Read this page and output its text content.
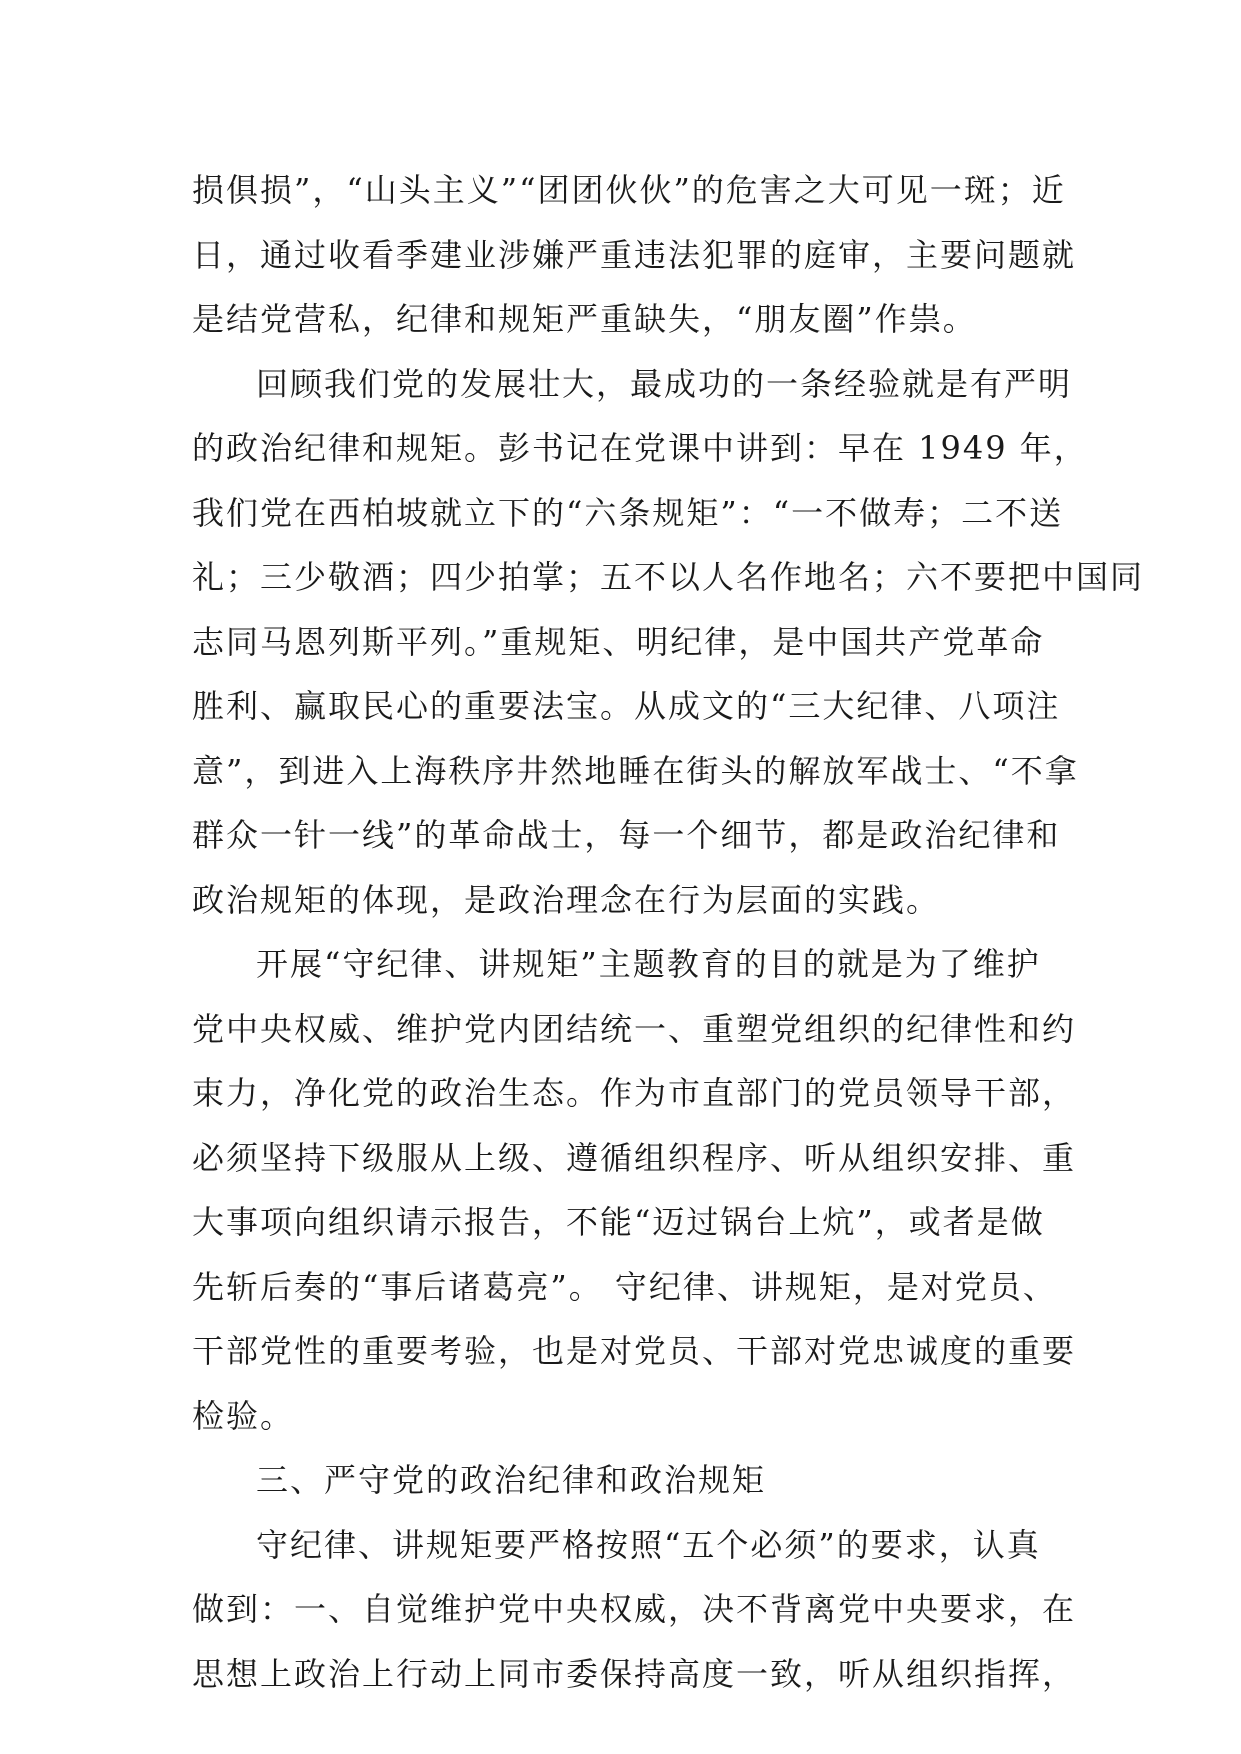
损俱损”，“山头主义”“团团伙伙”的危害之大可见一斑；近
日，通过收看季建业涉嫌严重违法犯罪的庭审，主要问题就
是结党营私，纪律和规矩严重缺失，“朋友圈”作祟。
回顾我们党的发展壮大，最成功的一条经验就是有严明
的政治纪律和规矩。彭书记在党课中讲到：早在 1949 年，
我们党在西柏坡就立下的“六条规矩”：“一不做寿；二不送
礼；三少敬酒；四少拍掌；五不以人名作地名；六不要把中国同
志同马恩列斯平列。”重规矩、明纪律，是中国共产党革命
胜利、赢取民心的重要法宝。从成文的“三大纪律、八项注
意”，到进入上海秩序井然地睡在街头的解放军战士、“不拿
群众一针一线”的革命战士，每一个细节，都是政治纪律和
政治规矩的体现，是政治理念在行为层面的实践。
开展“守纪律、讲规矩”主题教育的目的就是为了维护
党中央权威、维护党内团结统一、重塑党组织的纪律性和约
束力，净化党的政治生态。作为市直部门的党员领导干部，
必须坚持下级服从上级、遵循组织程序、听从组织安排、重
大事项向组织请示报告，不能“迈过锅台上炕”，或者是做
先斩后奏的“事后诸葛亮”。 守纪律、讲规矩，是对党员、
干部党性的重要考验，也是对党员、干部对党忠诚度的重要
检验。
三、严守党的政治纪律和政治规矩
守纪律、讲规矩要严格按照“五个必须”的要求，认真
做到：一、自觉维护党中央权威，决不背离党中央要求，在
思想上政治上行动上同市委保持高度一致，听从组织指挥，
